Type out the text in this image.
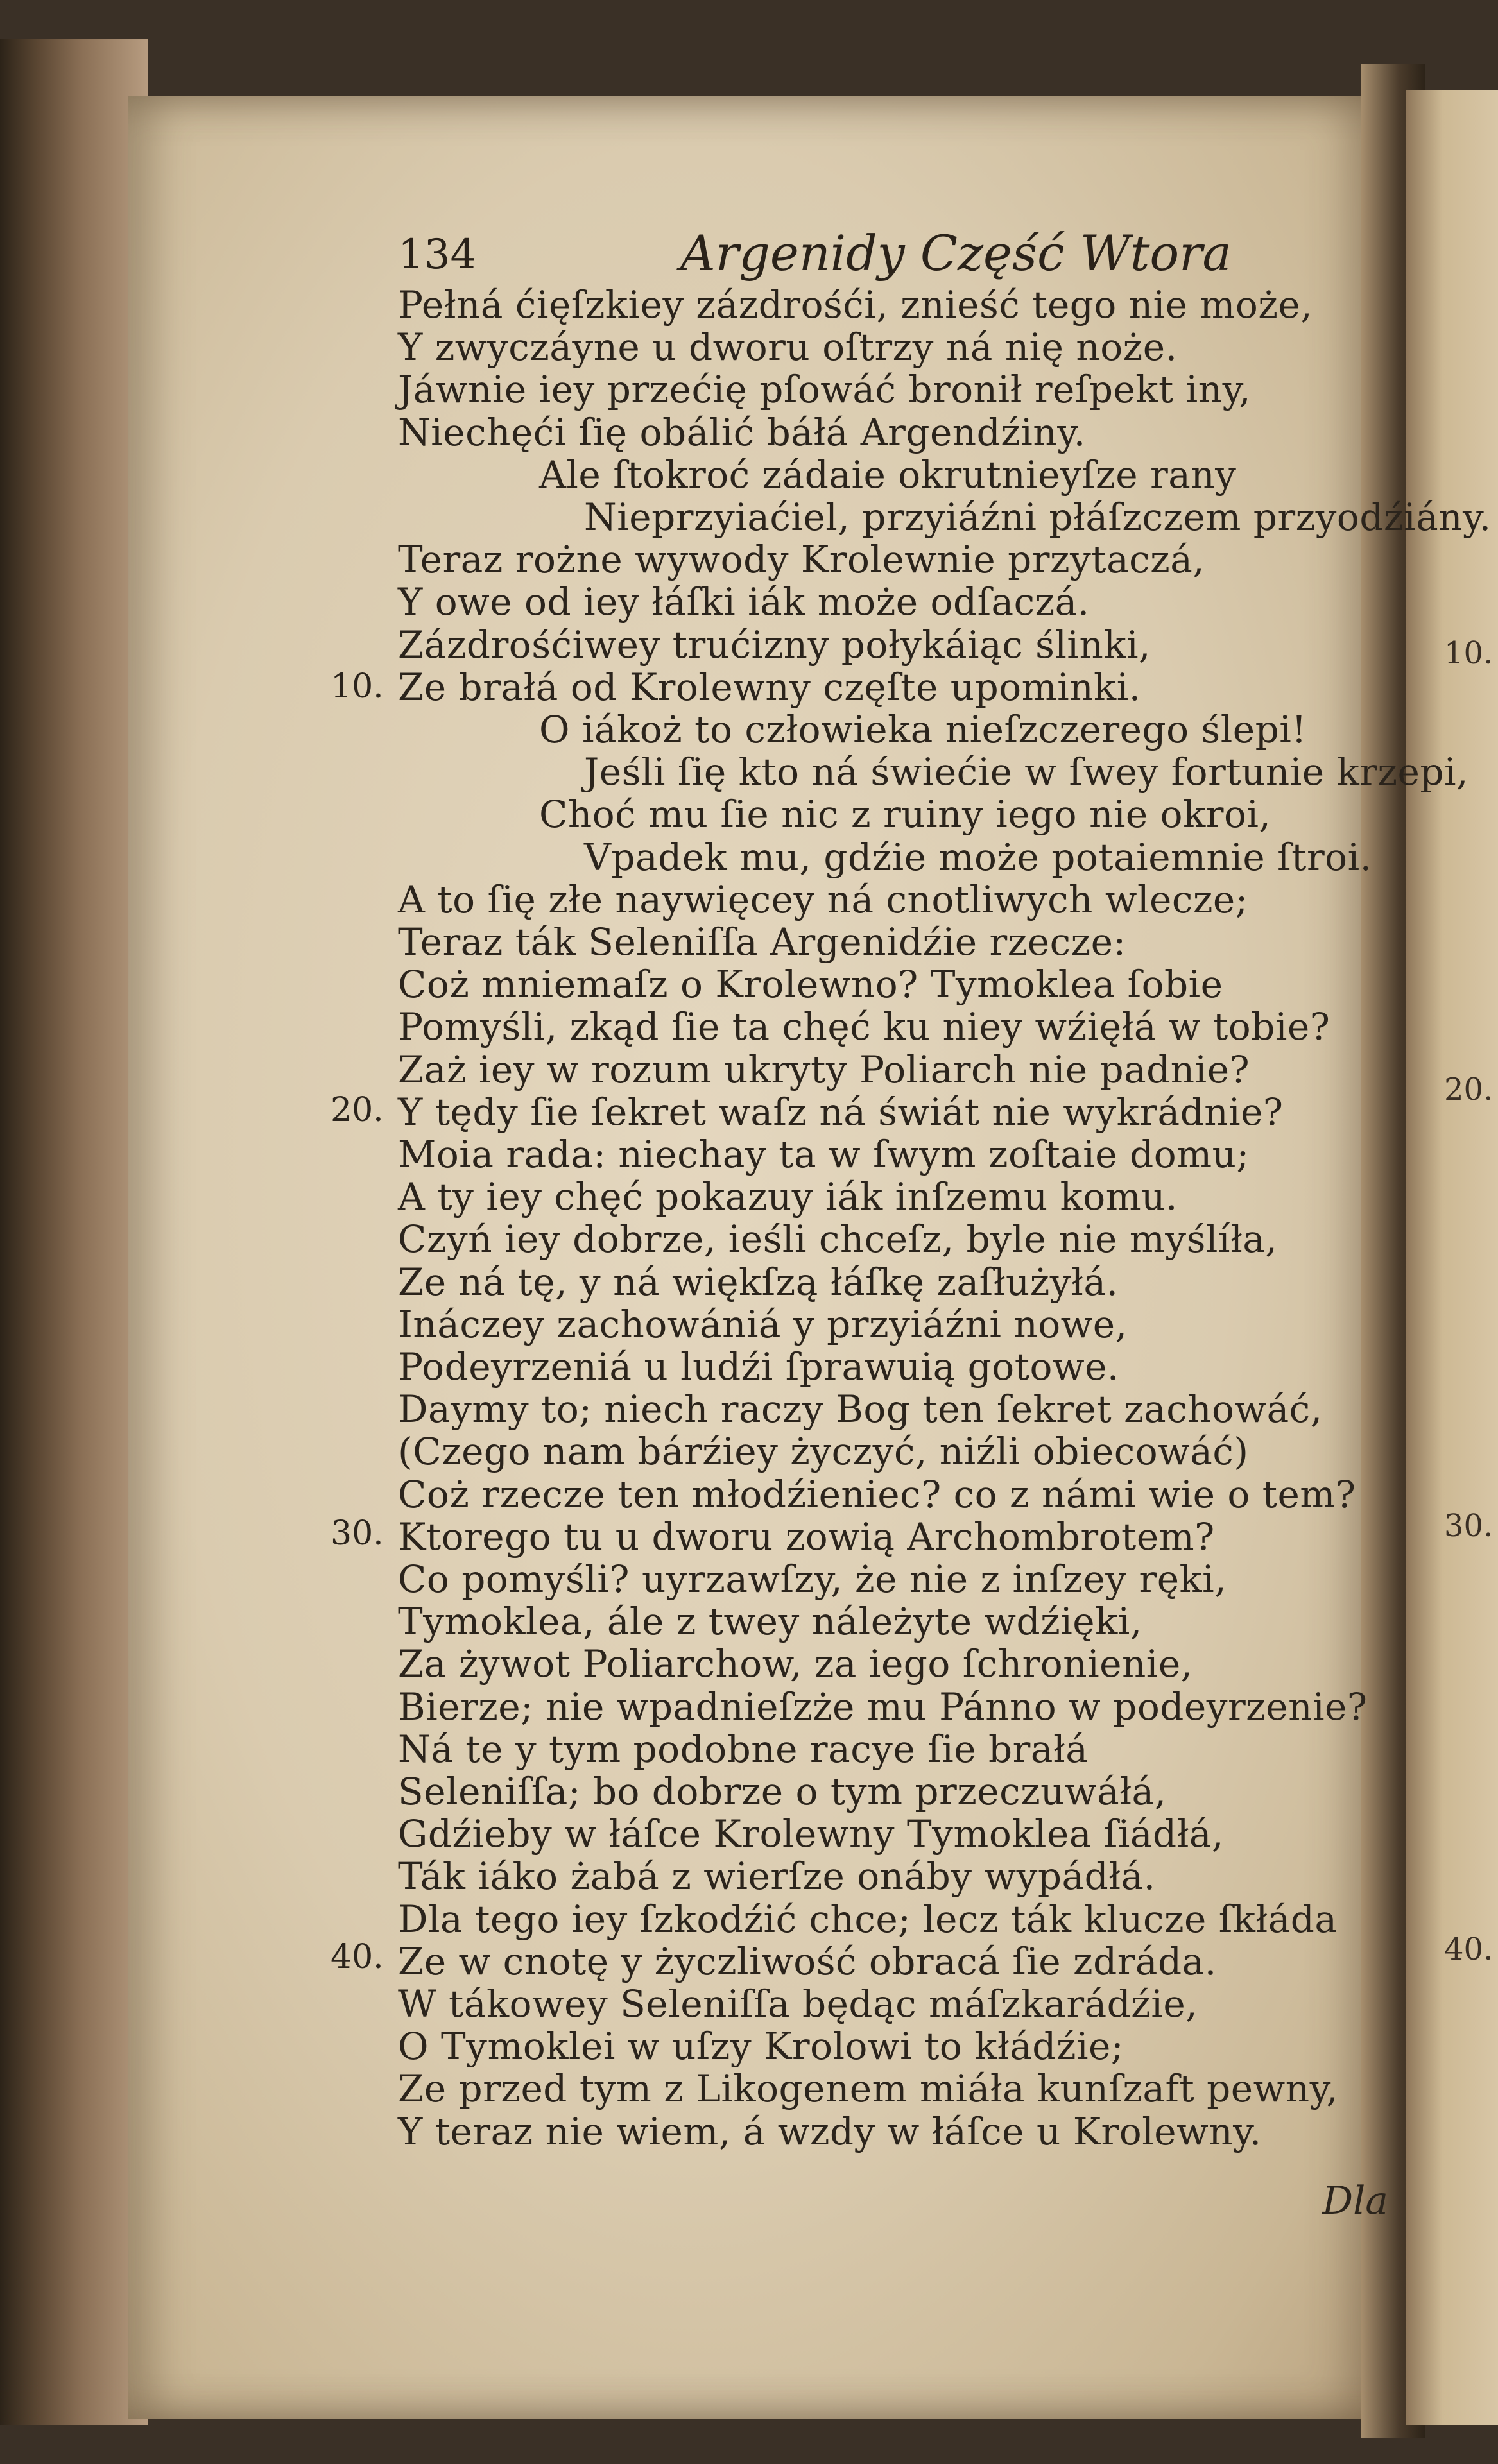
134	Argenidy Część Wtora
Pełná ćięſzkiey zázdrośći, znieść tego nie może,
Y zwyczáyne u dworu oſtrzy ná nię noże.
Jáwnie iey przećię pſowáć bronił reſpekt iny,
Niechęći ſię obálić báłá Argendźiny.
Ale ſtokroć zádaie okrutnieyſze rany
Nieprzyiaćiel, przyiáźni płáſzczem przyodźiány.
Teraz rożne wywody Krolewnie przytaczá,
Y owe od iey łáſki iák może odſaczá.
Zázdrośćiwey trućizny połykáiąc ślinki,
Ze brałá od Krolewny częſte upominki.
O iákoż to człowieka nieſzczerego ślepi!
Jeśli ſię kto ná świećie w ſwey fortunie krzepi,
Choć mu ſie nic z ruiny iego nie okroi,
Vpadek mu, gdźie może potaiemnie ſtroi.
A to ſię złe naywięcey ná cnotliwych wlecze;
Teraz ták Seleniſſa Argenidźie rzecze:
Coż mniemaſz o Krolewno? Tymoklea ſobie
Pomyśli, zkąd ſie ta chęć ku niey wźięłá w tobie?
Zaż iey w rozum ukryty Poliarch nie padnie?
Y tędy ſie ſekret waſz ná świát nie wykrádnie?
Moia rada: niechay ta w ſwym zoſtaie domu;
A ty iey chęć pokazuy iák inſzemu komu.
Czyń iey dobrze, ieśli chceſz, byle nie myślíła,
Ze ná tę, y ná więkſzą łáſkę zaſłużyłá.
Ináczey zachowániá y przyiáźni nowe,
Podeyrzeniá u ludźi ſprawuią gotowe.
Daymy to; niech raczy Bog ten ſekret zachowáć,
(Czego nam bárźiey życzyć, niźli obiecowáć)
Coż rzecze ten młodźieniec? co z námi wie o tem?
Ktorego tu u dworu zowią Archombrotem?
Co pomyśli? uyrzawſzy, że nie z inſzey ręki,
Tymoklea, ále z twey náleżyte wdźięki,
Za żywot Poliarchow, za iego ſchronienie,
Bierze; nie wpadnieſzże mu Pánno w podeyrzenie?
Ná te y tym podobne racye ſie brałá
Seleniſſa; bo dobrze o tym przeczuwáłá,
Gdźieby w łáſce Krolewny Tymoklea ſiádłá,
Ták iáko żabá z wierſze onáby wypádłá.
Dla tego iey ſzkodźić chce; lecz ták klucze ſkłáda
Ze w cnotę y życzliwość obracá ſie zdráda.
W tákowey Seleniſſa będąc máſzkarádźie,
O Tymoklei w uſzy Krolowi to kłádźie;
Ze przed tym z Likogenem miáła kunſzaft pewny,
Y teraz nie wiem, á wzdy w łáſce u Krolewny.
10.
20.
30.
40.
10.
20.
30.
40.
Dla
